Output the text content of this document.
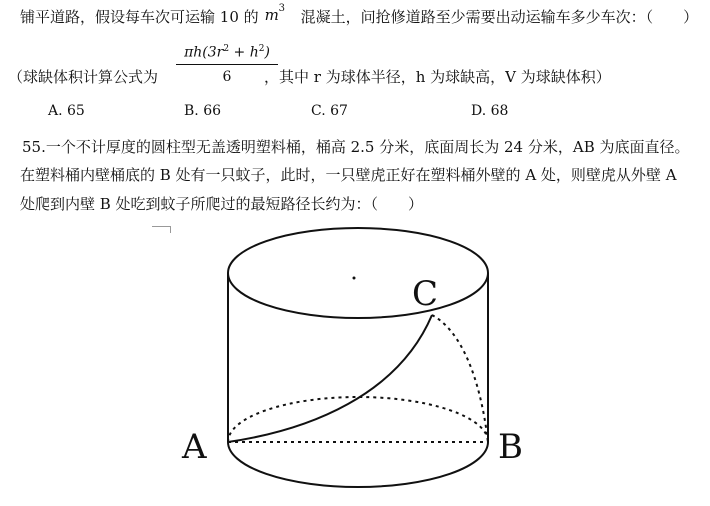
铺平道路，假设每车次可运输 10 的 m 3 混凝土，问抢修道路至少需要出动运输车多少车次：（　　）
$\frac{\pi h(3r^2 + h^2)}{6}$
（球缺体积计算公式为	，其中 r 为球体半径，h 为球缺高，V 为球缺体积）
A. 65	B. 66	C. 67	D. 68
55.一个不计厚度的圆柱型无盖透明塑料桶，桶高 2.5 分米，底面周长为 24 分米，AB 为底面直径。
在塑料桶内壁桶底的 B 处有一只蚊子，此时，一只壁虎正好在塑料桶外壁的 A 处，则壁虎从外壁 A
处爬到内壁 B 处吃到蚊子所爬过的最短路径长约为：（　　）
A	B
C
